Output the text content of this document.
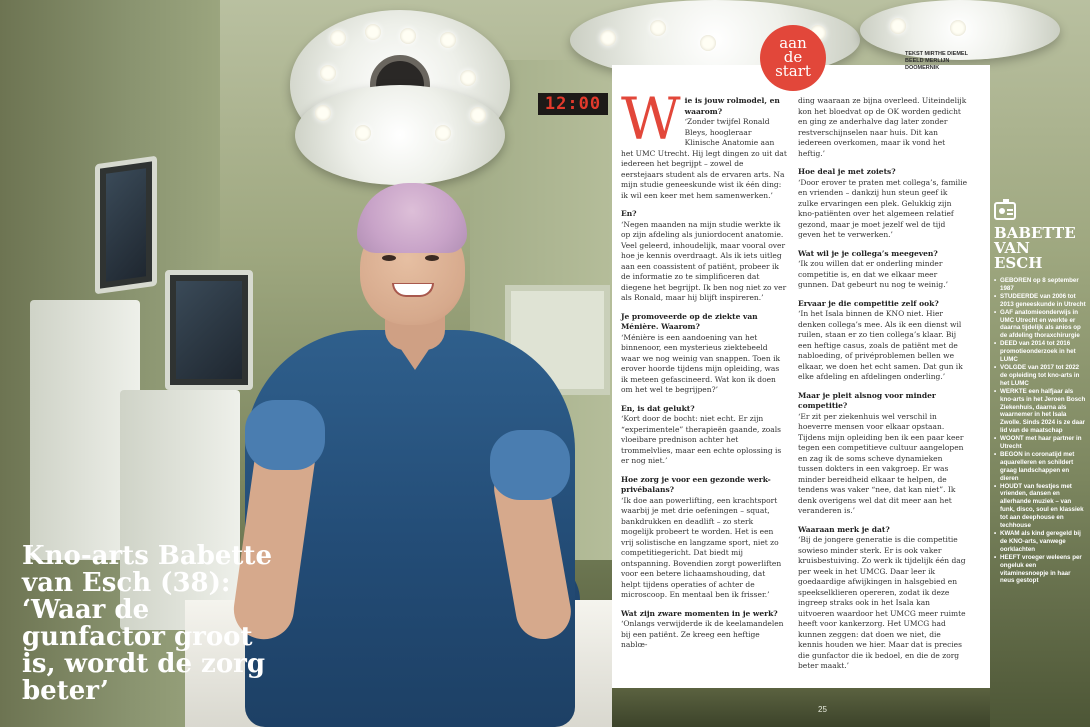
12:00
Kno-arts Babette van Esch (38): ‘Waar de gunfactor groot is, wordt de zorg beter’
25
aan
de
start
TEKST MIRTHE DIEMEL
BEELD MERLIJN DOOMERNIK

W ie is jouw rolmodel, en waarom?
‘Zonder twijfel Ronald Bleys, hoogleraar Klinische Anatomie aan het UMC Utrecht. Hij legt dingen zo uit dat iedereen het begrijpt – zowel de eerstejaars student als de ervaren arts. Na mijn studie geneeskunde wist ik één ding: ik wil een keer met hem samenwerken.’

En?
‘Negen maanden na mijn studie werkte ik op zijn afdeling als juniordocent anatomie. Veel geleerd, inhoudelijk, maar vooral over hoe je kennis overdraagt. Als ik iets uitleg aan een coassistent of patiënt, probeer ik de informatie zo te simplificeren dat diegene het begrijpt. Ik ben nog niet zo ver als Ronald, maar hij blijft inspireren.’

Je promoveerde op de ziekte van Ménière. Waarom?
‘Ménière is een aandoening van het binnenoor, een mysterieus ziektebeeld waar we nog weinig van snappen. Toen ik erover hoorde tijdens mijn opleiding, was ik meteen gefascineerd. Wat kon ik doen om het wel te begrijpen?’

En, is dat gelukt?
‘Kort door de bocht: niet echt. Er zijn “experimentele” therapieën gaande, zoals vloeibare prednison achter het trommelvlies, maar een echte oplossing is er nog niet.’

Hoe zorg je voor een gezonde werk-privébalans?
‘Ik doe aan powerlifting, een krachtsport waarbij je met drie oefeningen – squat, bankdrukken en deadlift – zo sterk mogelijk probeert te worden. Het is een vrij solistische en langzame sport, niet zo competitiegericht. Dat biedt mij ontspanning. Bovendien zorgt powerliften voor een betere lichaamshouding, dat helpt tijdens operaties of achter de microscoop. En mentaal ben ik frisser.’

Wat zijn zware momenten in je werk?
‘Onlangs verwijderde ik de keelamandelen bij een patiënt. Ze kreeg een heftige nablœ-

ding waaraan ze bijna overleed. Uiteindelijk kon het bloedvat op de OK worden gedicht en ging ze anderhalve dag later zonder restverschijnselen naar huis. Dit kan iedereen overkomen, maar ik vond het heftig.’

Hoe deal je met zoiets?
‘Door erover te praten met collega’s, familie en vrienden – dankzij hun steun geef ik zulke ervaringen een plek. Gelukkig zijn kno-patiënten over het algemeen relatief gezond, maar je moet jezelf wel de tijd geven het te verwerken.’

Wat wil je je collega’s meegeven?
‘Ik zou willen dat er onderling minder competitie is, en dat we elkaar meer gunnen. Dat gebeurt nu nog te weinig.’

Ervaar je die competitie zelf ook?
‘In het Isala binnen de KNO niet. Hier denken collega’s mee. Als ik een dienst wil ruilen, staan er zo tien collega’s klaar. Bij een heftige casus, zoals de patiënt met de nabloeding, of privéproblemen bellen we elkaar, we doen het echt samen. Dat gun ik elke afdeling en afdelingen onderling.’

Maar je pleit alsnog voor minder competitie?
‘Er zit per ziekenhuis wel verschil in hoeverre mensen voor elkaar opstaan. Tijdens mijn opleiding ben ik een paar keer tegen een competitieve cultuur aangelopen en zag ik de soms scheve dynamieken tussen dokters in een vakgroep. Er was minder bereidheid elkaar te helpen, de tendens was vaker “nee, dat kan niet”. Ik denk overigens wel dat dit meer aan het veranderen is.’

Waaraan merk je dat?
‘Bij de jongere generatie is die competitie sowieso minder sterk. Er is ook vaker kruisbestuiving. Zo werk ik tijdelijk één dag per week in het UMCG. Daar leer ik goedaardige afwijkingen in halsgebied en speekselklieren opereren, zodat ik deze ingreep straks ook in het Isala kan uitvoeren waardoor het UMCG meer ruimte heeft voor kankerzorg. Het UMCG had kunnen zeggen: dat doen we niet, die kennis houden we hier. Maar dat is precies die gunfactor die ik bedoel, en die de zorg beter maakt.’

BABETTE
VAN
ESCH
• GEBOREN op 8 september 1987
• STUDEERDE van 2006 tot 2013 geneeskunde in Utrecht
• GAF anatomieonderwijs in UMC Utrecht en werkte er daarna tijdelijk als anios op de afdeling thoraxchirurgie
• DEED van 2014 tot 2016 promotieonderzoek in het LUMC
• VOLGDE van 2017 tot 2022 de opleiding tot kno-arts in het LUMC
• WERKTE een halfjaar als kno-arts in het Jeroen Bosch Ziekenhuis, daarna als waarnemer in het Isala Zwolle. Sinds 2024 is ze daar lid van de maatschap
• WOONT met haar partner in Utrecht
• BEGON in coronatijd met aquarelleren en schildert graag landschappen en dieren
• HOUDT van feestjes met vrienden, dansen en allerhande muziek – van funk, disco, soul en klassiek tot aan deephouse en techhouse
• KWAM als kind geregeld bij de KNO-arts, vanwege oorklachten
• HEEFT vroeger weleens per ongeluk een vitaminesnoepje in haar neus gestopt
